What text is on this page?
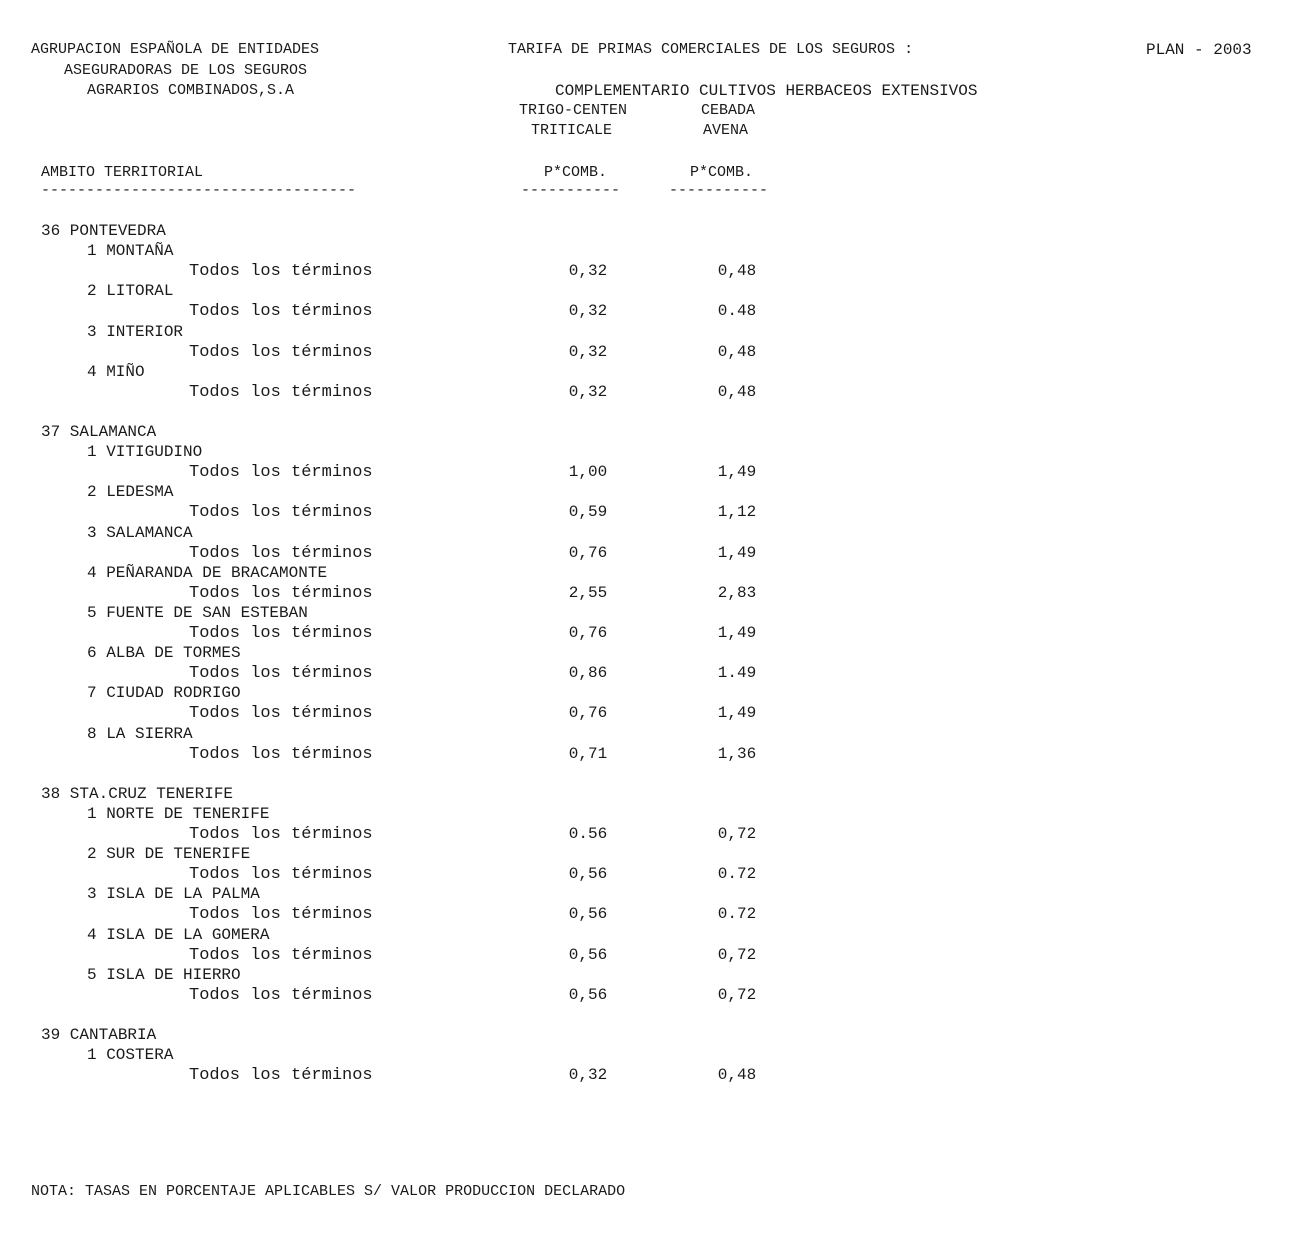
AGRUPACION ESPAÑOLA DE ENTIDADES
ASEGURADORAS DE LOS SEGUROS
AGRARIOS COMBINADOS,S.A
TARIFA DE PRIMAS COMERCIALES DE LOS SEGUROS :
COMPLEMENTARIO CULTIVOS HERBACEOS EXTENSIVOS
PLAN - 2003
TRIGO-CENTEN
TRITICALE
CEBADA
AVENA
AMBITO TERRITORIAL	P*COMB.	P*COMB.
-----------------------------------	-----------	-----------
36 PONTEVEDRA
1 MONTAÑA
Todos los términos	0,32	0,48
2 LITORAL
Todos los términos	0,32	0.48
3 INTERIOR
Todos los términos	0,32	0,48
4 MIÑO
Todos los términos	0,32	0,48
37 SALAMANCA
1 VITIGUDINO
Todos los términos	1,00	1,49
2 LEDESMA
Todos los términos	0,59	1,12
3 SALAMANCA
Todos los términos	0,76	1,49
4 PEÑARANDA DE BRACAMONTE
Todos los términos	2,55	2,83
5 FUENTE DE SAN ESTEBAN
Todos los términos	0,76	1,49
6 ALBA DE TORMES
Todos los términos	0,86	1.49
7 CIUDAD RODRIGO
Todos los términos	0,76	1,49
8 LA SIERRA
Todos los términos	0,71	1,36
38 STA.CRUZ TENERIFE
1 NORTE DE TENERIFE
Todos los términos	0.56	0,72
2 SUR DE TENERIFE
Todos los términos	0,56	0.72
3 ISLA DE LA PALMA
Todos los términos	0,56	0.72
4 ISLA DE LA GOMERA
Todos los términos	0,56	0,72
5 ISLA DE HIERRO
Todos los términos	0,56	0,72
39 CANTABRIA
1 COSTERA
Todos los términos	0,32	0,48
NOTA: TASAS EN PORCENTAJE APLICABLES S/ VALOR PRODUCCION DECLARADO
